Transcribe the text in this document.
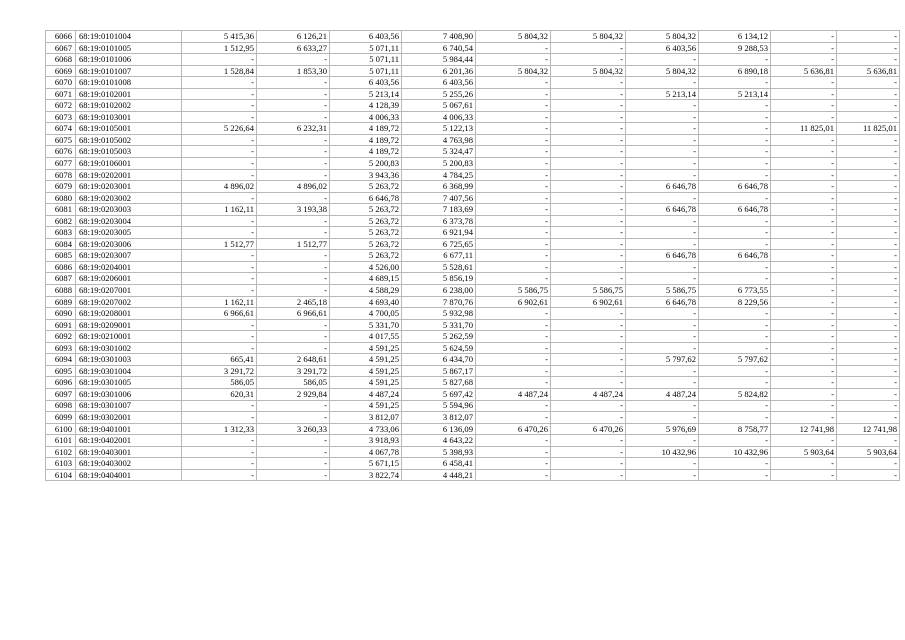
6066	68:19:0101004	5 415,36	6 126,21	6 403,56	7 408,90	5 804,32	5 804,32	5 804,32	6 134,12	-	-
6067	68:19:0101005	1 512,95	6 633,27	5 071,11	6 740,54	-	-	6 403,56	9 288,53	-	-
6068	68:19:0101006	-	-	5 071,11	5 984,44	-	-	-	-	-	-
6069	68:19:0101007	1 528,84	1 853,30	5 071,11	6 201,36	5 804,32	5 804,32	5 804,32	6 890,18	5 636,81	5 636,81
6070	68:19:0101008	-	-	6 403,56	6 403,56	-	-	-	-	-	-
6071	68:19:0102001	-	-	5 213,14	5 255,26	-	-	5 213,14	5 213,14	-	-
6072	68:19:0102002	-	-	4 128,39	5 067,61	-	-	-	-	-	-
6073	68:19:0103001	-	-	4 006,33	4 006,33	-	-	-	-	-	-
6074	68:19:0105001	5 226,64	6 232,31	4 189,72	5 122,13	-	-	-	-	11 825,01	11 825,01
6075	68:19:0105002	-	-	4 189,72	4 763,98	-	-	-	-	-	-
6076	68:19:0105003	-	-	4 189,72	5 324,47	-	-	-	-	-	-
6077	68:19:0106001	-	-	5 200,83	5 200,83	-	-	-	-	-	-
6078	68:19:0202001	-	-	3 943,36	4 784,25	-	-	-	-	-	-
6079	68:19:0203001	4 896,02	4 896,02	5 263,72	6 368,99	-	-	6 646,78	6 646,78	-	-
6080	68:19:0203002	-	-	6 646,78	7 407,56	-	-	-	-	-	-
6081	68:19:0203003	1 162,11	3 193,38	5 263,72	7 183,69	-	-	6 646,78	6 646,78	-	-
6082	68:19:0203004	-	-	5 263,72	6 373,78	-	-	-	-	-	-
6083	68:19:0203005	-	-	5 263,72	6 921,94	-	-	-	-	-	-
6084	68:19:0203006	1 512,77	1 512,77	5 263,72	6 725,65	-	-	-	-	-	-
6085	68:19:0203007	-	-	5 263,72	6 677,11	-	-	6 646,78	6 646,78	-	-
6086	68:19:0204001	-	-	4 526,00	5 528,61	-	-	-	-	-	-
6087	68:19:0206001	-	-	4 689,15	5 856,19	-	-	-	-	-	-
6088	68:19:0207001	-	-	4 588,29	6 238,00	5 586,75	5 586,75	5 586,75	6 773,55	-	-
6089	68:19:0207002	1 162,11	2 465,18	4 693,40	7 870,76	6 902,61	6 902,61	6 646,78	8 229,56	-	-
6090	68:19:0208001	6 966,61	6 966,61	4 700,05	5 932,98	-	-	-	-	-	-
6091	68:19:0209001	-	-	5 331,70	5 331,70	-	-	-	-	-	-
6092	68:19:0210001	-	-	4 017,55	5 262,59	-	-	-	-	-	-
6093	68:19:0301002	-	-	4 591,25	5 624,59	-	-	-	-	-	-
6094	68:19:0301003	665,41	2 648,61	4 591,25	6 434,70	-	-	5 797,62	5 797,62	-	-
6095	68:19:0301004	3 291,72	3 291,72	4 591,25	5 867,17	-	-	-	-	-	-
6096	68:19:0301005	586,05	586,05	4 591,25	5 827,68	-	-	-	-	-	-
6097	68:19:0301006	620,31	2 929,84	4 487,24	5 697,42	4 487,24	4 487,24	4 487,24	5 824,82	-	-
6098	68:19:0301007	-	-	4 591,25	5 594,96	-	-	-	-	-	-
6099	68:19:0302001	-	-	3 812,07	3 812,07	-	-	-	-	-	-
6100	68:19:0401001	1 312,33	3 260,33	4 733,06	6 136,09	6 470,26	6 470,26	5 976,69	8 758,77	12 741,98	12 741,98
6101	68:19:0402001	-	-	3 918,93	4 643,22	-	-	-	-	-	-
6102	68:19:0403001	-	-	4 067,78	5 398,93	-	-	10 432,96	10 432,96	5 903,64	5 903,64
6103	68:19:0403002	-	-	5 671,15	6 458,41	-	-	-	-	-	-
6104	68:19:0404001	-	-	3 822,74	4 448,21	-	-	-	-	-	-
